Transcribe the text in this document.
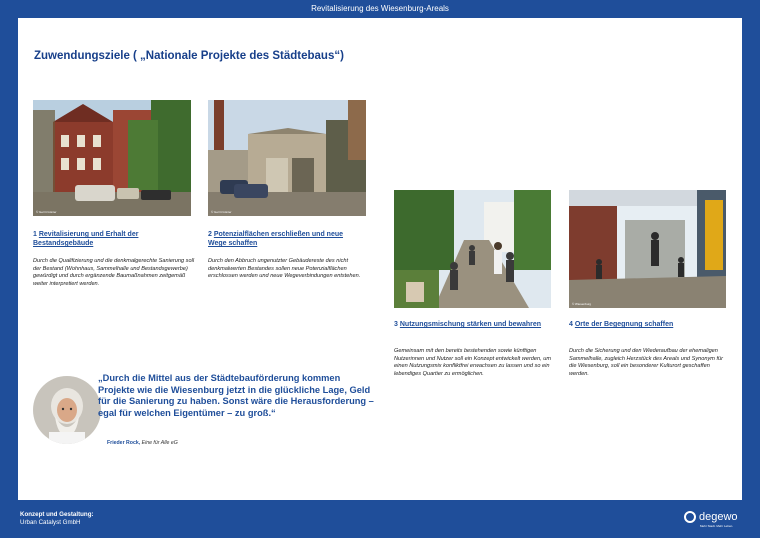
Revitalisierung des Wiesenburg-Areals
Zuwendungsziele ( „Nationale Projekte des Städtebaus“)
© Gerrit Günter	© Gerrit Günter
© Wiesenburg
1 Revitalisierung und Erhalt der
Bestandsgebäude
Durch die Qualifizierung und die denkmalgerechte Sanierung soll der Bestand (Wohnhaus, Sammelhalle und Bestandsgewerbe) gewürdigt und durch ergänzende Baumaßnahmen zeitgemäß weiter interpretiert werden.
2 Potenzialflächen erschließen und neue
Wege schaffen
Durch den Abbruch ungenutzter Gebäudereste des nicht denkmalwerten Bestandes sollen neue Potenzialflächen erschlossen werden und neue Wegeverbindungen entstehen.
3 Nutzungsmischung stärken und bewahren
Gemeinsam mit den bereits bestehenden sowie künftigen Nutzerinnen und Nutzer soll ein Konzept entwickelt werden, um einen Nutzungsmix konfliktfrei erwachsen zu lassen und so ein lebendiges Quartier zu ermöglichen.
4 Orte der Begegnung schaffen
Durch die Sicherung und den Wiederaufbau der ehemaligen Sammelhalle, zugleich Herzstück des Areals und Synonym für die Wiesenburg, soll ein besonderer Kulturort geschaffen werden.
„Durch die Mittel aus der Städtebauförderung kommen Projekte wie die Wiesenburg jetzt in die glückliche Lage, Geld für die Sanierung zu haben. Sonst wäre die Herausforderung – egal für welchen Eigentümer – zu groß.“
Frieder Rock, Eine für Alle eG
Konzept und Gestaltung:
Urban Catalyst GmbH	degewo
Mehr Stadt. Mehr Leben.
